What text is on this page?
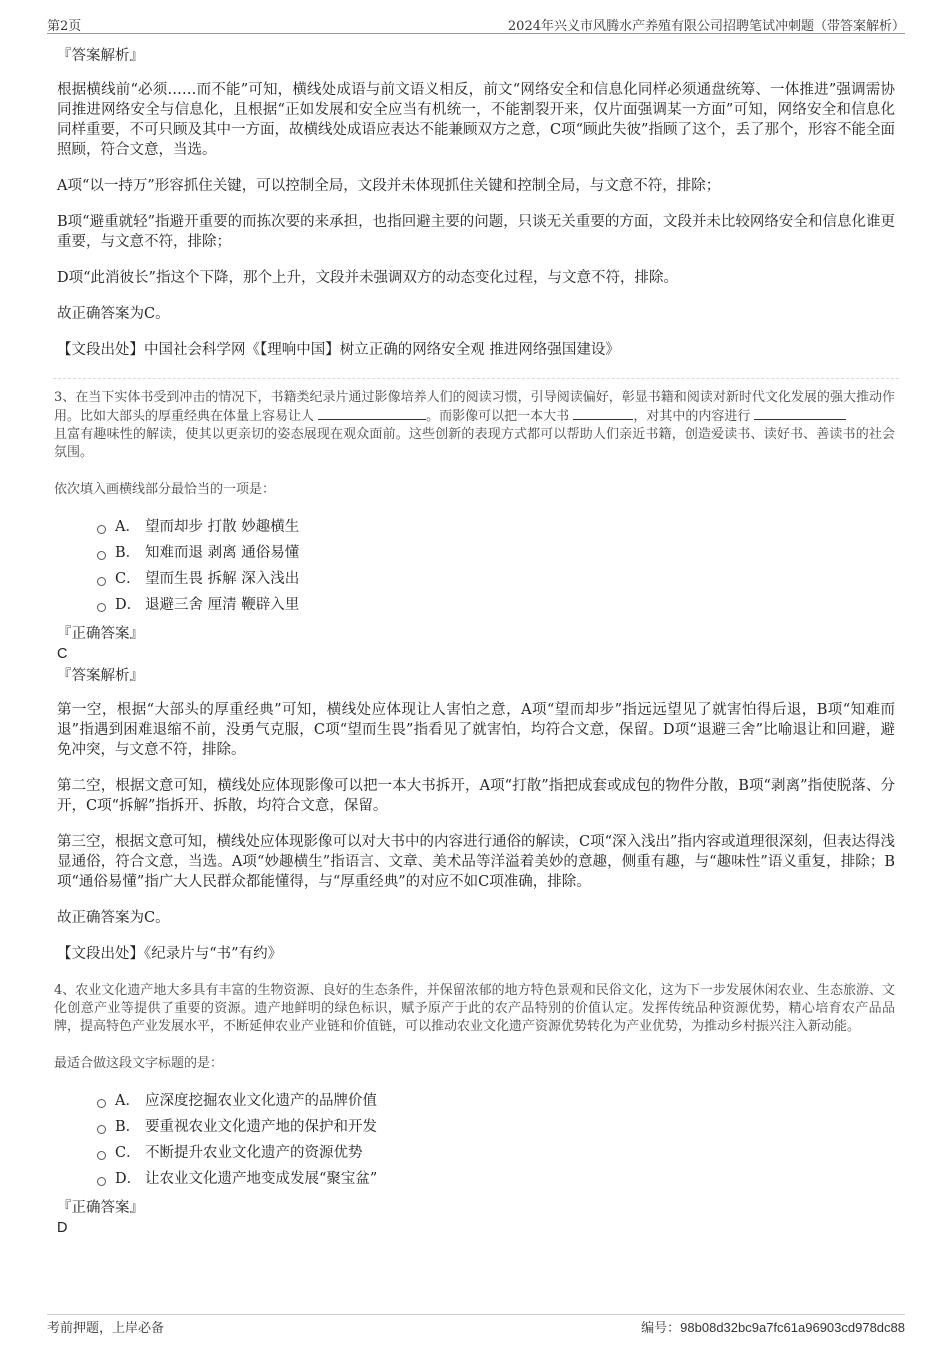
第2页	2024年兴义市风腾水产养殖有限公司招聘笔试冲刺题（带答案解析）
『答案解析』

根据横线前“必须……而不能”可知，横线处成语与前文语义相反，前文“网络安全和信息化同样必须通盘统筹、一体推进”强调需协同推进网络安全与信息化，且根据“正如发展和安全应当有机统一，不能割裂开来，仅片面强调某一方面”可知，网络安全和信息化同样重要，不可只顾及其中一方面，故横线处成语应表达不能兼顾双方之意，C项“顾此失彼”指顾了这个，丢了那个，形容不能全面照顾，符合文意，当选。

A项“以一持万”形容抓住关键，可以控制全局，文段并未体现抓住关键和控制全局，与文意不符，排除；

B项“避重就轻”指避开重要的而拣次要的来承担，也指回避主要的问题，只谈无关重要的方面，文段并未比较网络安全和信息化谁更重要，与文意不符，排除；

D项“此消彼长”指这个下降，那个上升，文段并未强调双方的动态变化过程，与文意不符，排除。

故正确答案为C。

【文段出处】中国社会科学网《【理响中国】树立正确的网络安全观 推进网络强国建设》

3、在当下实体书受到冲击的情况下，书籍类纪录片通过影像培养人们的阅读习惯，引导阅读偏好，彰显书籍和阅读对新时代文化发展的强大推动作用。比如大部头的厚重经典在体量上容易让人	。而影像可以把一本大书	，对其中的内容进行
且富有趣味性的解读，使其以更亲切的姿态展现在观众面前。这些创新的表现方式都可以帮助人们亲近书籍，创造爱读书、读好书、善读书的社会氛围。

依次填入画横线部分最恰当的一项是：

A． 望而却步 打散 妙趣横生
B． 知难而退 剥离 通俗易懂
C． 望而生畏 拆解 深入浅出
D． 退避三舍 厘清 鞭辟入里
『正确答案』
C
『答案解析』

第一空，根据“大部头的厚重经典”可知，横线处应体现让人害怕之意，A项“望而却步”指远远望见了就害怕得后退，B项“知难而退”指遇到困难退缩不前，没勇气克服，C项“望而生畏”指看见了就害怕，均符合文意，保留。D项“退避三舍”比喻退让和回避，避免冲突，与文意不符，排除。

第二空，根据文意可知，横线处应体现影像可以把一本大书拆开，A项“打散”指把成套或成包的物件分散，B项“剥离”指使脱落、分开，C项“拆解”指拆开、拆散，均符合文意，保留。

第三空，根据文意可知，横线处应体现影像可以对大书中的内容进行通俗的解读，C项“深入浅出”指内容或道理很深刻，但表达得浅显通俗，符合文意，当选。A项“妙趣横生”指语言、文章、美术品等洋溢着美妙的意趣，侧重有趣，与“趣味性”语义重复，排除；B项“通俗易懂”指广大人民群众都能懂得，与“厚重经典”的对应不如C项准确，排除。

故正确答案为C。

【文段出处】《纪录片与“书”有约》

4、农业文化遗产地大多具有丰富的生物资源、良好的生态条件，并保留浓郁的地方特色景观和民俗文化，这为下一步发展休闲农业、生态旅游、文化创意产业等提供了重要的资源。遗产地鲜明的绿色标识，赋予原产于此的农产品特别的价值认定。发挥传统品种资源优势，精心培育农产品品牌，提高特色产业发展水平，不断延伸农业产业链和价值链，可以推动农业文化遗产资源优势转化为产业优势，为推动乡村振兴注入新动能。

最适合做这段文字标题的是：

A． 应深度挖掘农业文化遗产的品牌价值
B． 要重视农业文化遗产地的保护和开发
C． 不断提升农业文化遗产的资源优势
D． 让农业文化遗产地变成发展“聚宝盆”
『正确答案』
D
考前押题，上岸必备	编号：98b08d32bc9a7fc61a96903cd978dc88
